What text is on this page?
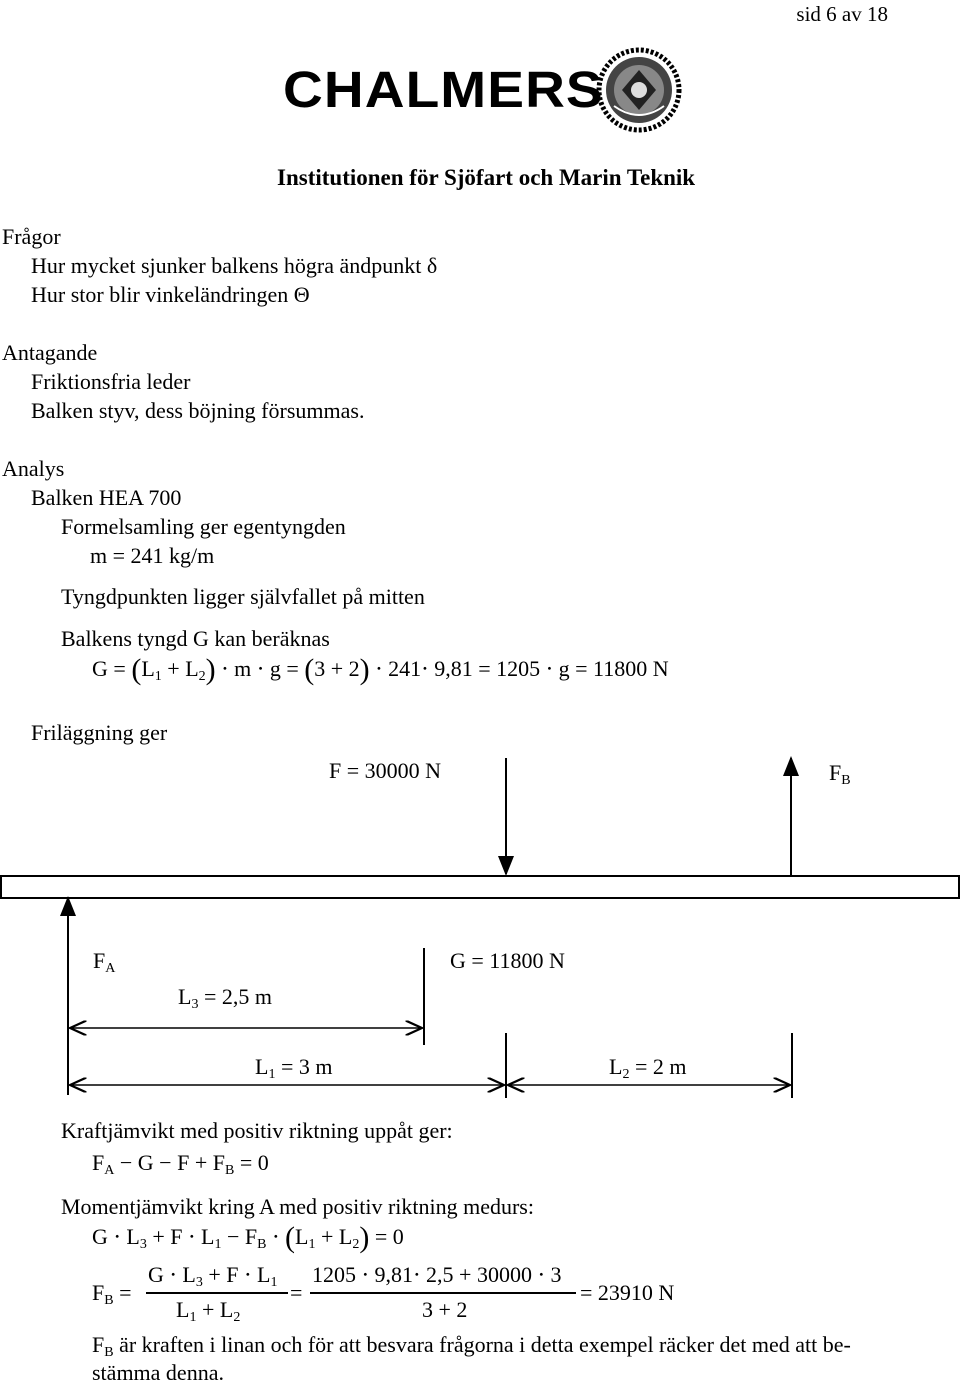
sid 6 av 18
CHALMERS
Institutionen för Sjöfart och Marin Teknik
Frågor
Hur mycket sjunker balkens högra ändpunkt δ
Hur stor blir vinkeländringen Θ
Antagande
Friktionsfria leder
Balken styv, dess böjning försummas.
Analys
Balken HEA 700
Formelsamling ger egentyngden
m = 241 kg/m
Tyngdpunkten ligger självfallet på mitten
Balkens tyngd G kan beräknas
$G = (L_1 + L_2) \cdot m \cdot g = (3 + 2) \cdot 241\cdot 9,81 = 1205 \cdot g = 11800$ N
Friläggning ger
F = 30000 N	$F_B$
$F_A$	G = 11800 N
$L_3 = 2,5$ m
$L_1 = 3$ m	$L_2 = 2$ m
Kraftjämvikt med positiv riktning uppåt ger:
$F_A - G - F + F_B = 0$
Momentjämvikt kring A med positiv riktning medurs:
$G \cdot L_3 + F \cdot L_1 - F_B \cdot (L_1 + L_2) = 0$
$F_B$ =
$G \cdot L_3 + F \cdot L_1$
$L_1 + L_2$
=
1205 ⋅ 9,81⋅ 2,5 + 30000 ⋅ 3
3 + 2
= 23910 N
$F_B$ är kraften i linan och för att besvara frågorna i detta exempel räcker det med att be-
stämma denna.
